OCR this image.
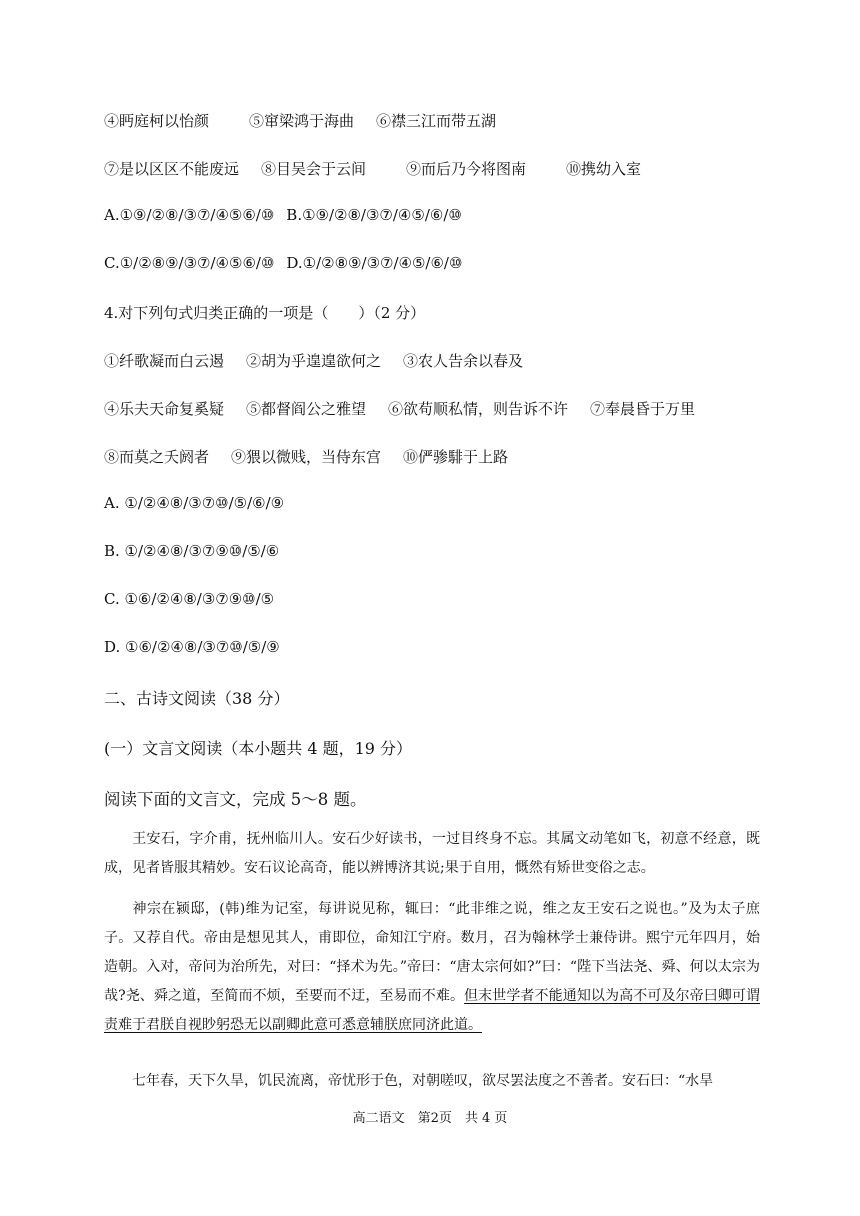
④眄庭柯以怡颜	⑤窜梁鸿于海曲 ⑥襟三江而带五湖
⑦是以区区不能废远 ⑧目吴会于云间	⑨而后乃今将图南	⑩携幼入室
A.①⑨/②⑧/③⑦/④⑤⑥/⑩ B.①⑨/②⑧/③⑦/④⑤/⑥/⑩
C.①/②⑧⑨/③⑦/④⑤⑥/⑩ D.①/②⑧⑨/③⑦/④⑤/⑥/⑩
4.对下列句式归类正确的一项是（　　）（2 分）
①纤歌凝而白云遏 ②胡为乎遑遑欲何之 ③农人告余以春及
④乐夫天命复奚疑 ⑤都督阎公之雅望 ⑥欲苟顺私情，则告诉不许 ⑦奉晨昏于万里
⑧而莫之夭阏者 ⑨猥以微贱，当侍东宫 ⑩俨骖騑于上路
A. ①/②④⑧/③⑦⑩/⑤/⑥/⑨
B. ①/②④⑧/③⑦⑨⑩/⑤/⑥
C. ①⑥/②④⑧/③⑦⑨⑩/⑤
D. ①⑥/②④⑧/③⑦⑩/⑤/⑨
二、古诗文阅读（38 分）
(一）文言文阅读（本小题共 4 题，19 分）
阅读下面的文言文，完成 5～8 题。
王安石，字介甫，抚州临川人。安石少好读书，一过目终身不忘。其属文动笔如飞，初意不经意，既成，见者皆服其精妙。安石议论高奇，能以辨博济其说;果于自用，慨然有矫世变俗之志。
神宗在颍邸，(韩)维为记室，每讲说见称，辄曰：“此非维之说，维之友王安石之说也。”及为太子庶子。又荐自代。帝由是想见其人，甫即位，命知江宁府。数月，召为翰林学士兼侍讲。熙宁元年四月，始造朝。入对，帝问为治所先，对曰：“择术为先。”帝曰：“唐太宗何如?”曰：“陛下当法尧、舜、何以太宗为哉?尧、舜之道，至简而不烦，至要而不迂，至易而不难。但末世学者不能通知以为高不可及尔帝曰卿可谓责难于君朕自视眇躬恐无以副卿此意可悉意辅朕庶同济此道。
七年春，天下久旱，饥民流离，帝忧形于色，对朝嗟叹，欲尽罢法度之不善者。安石曰：“水旱
高二语文　第2页　共 4 页
